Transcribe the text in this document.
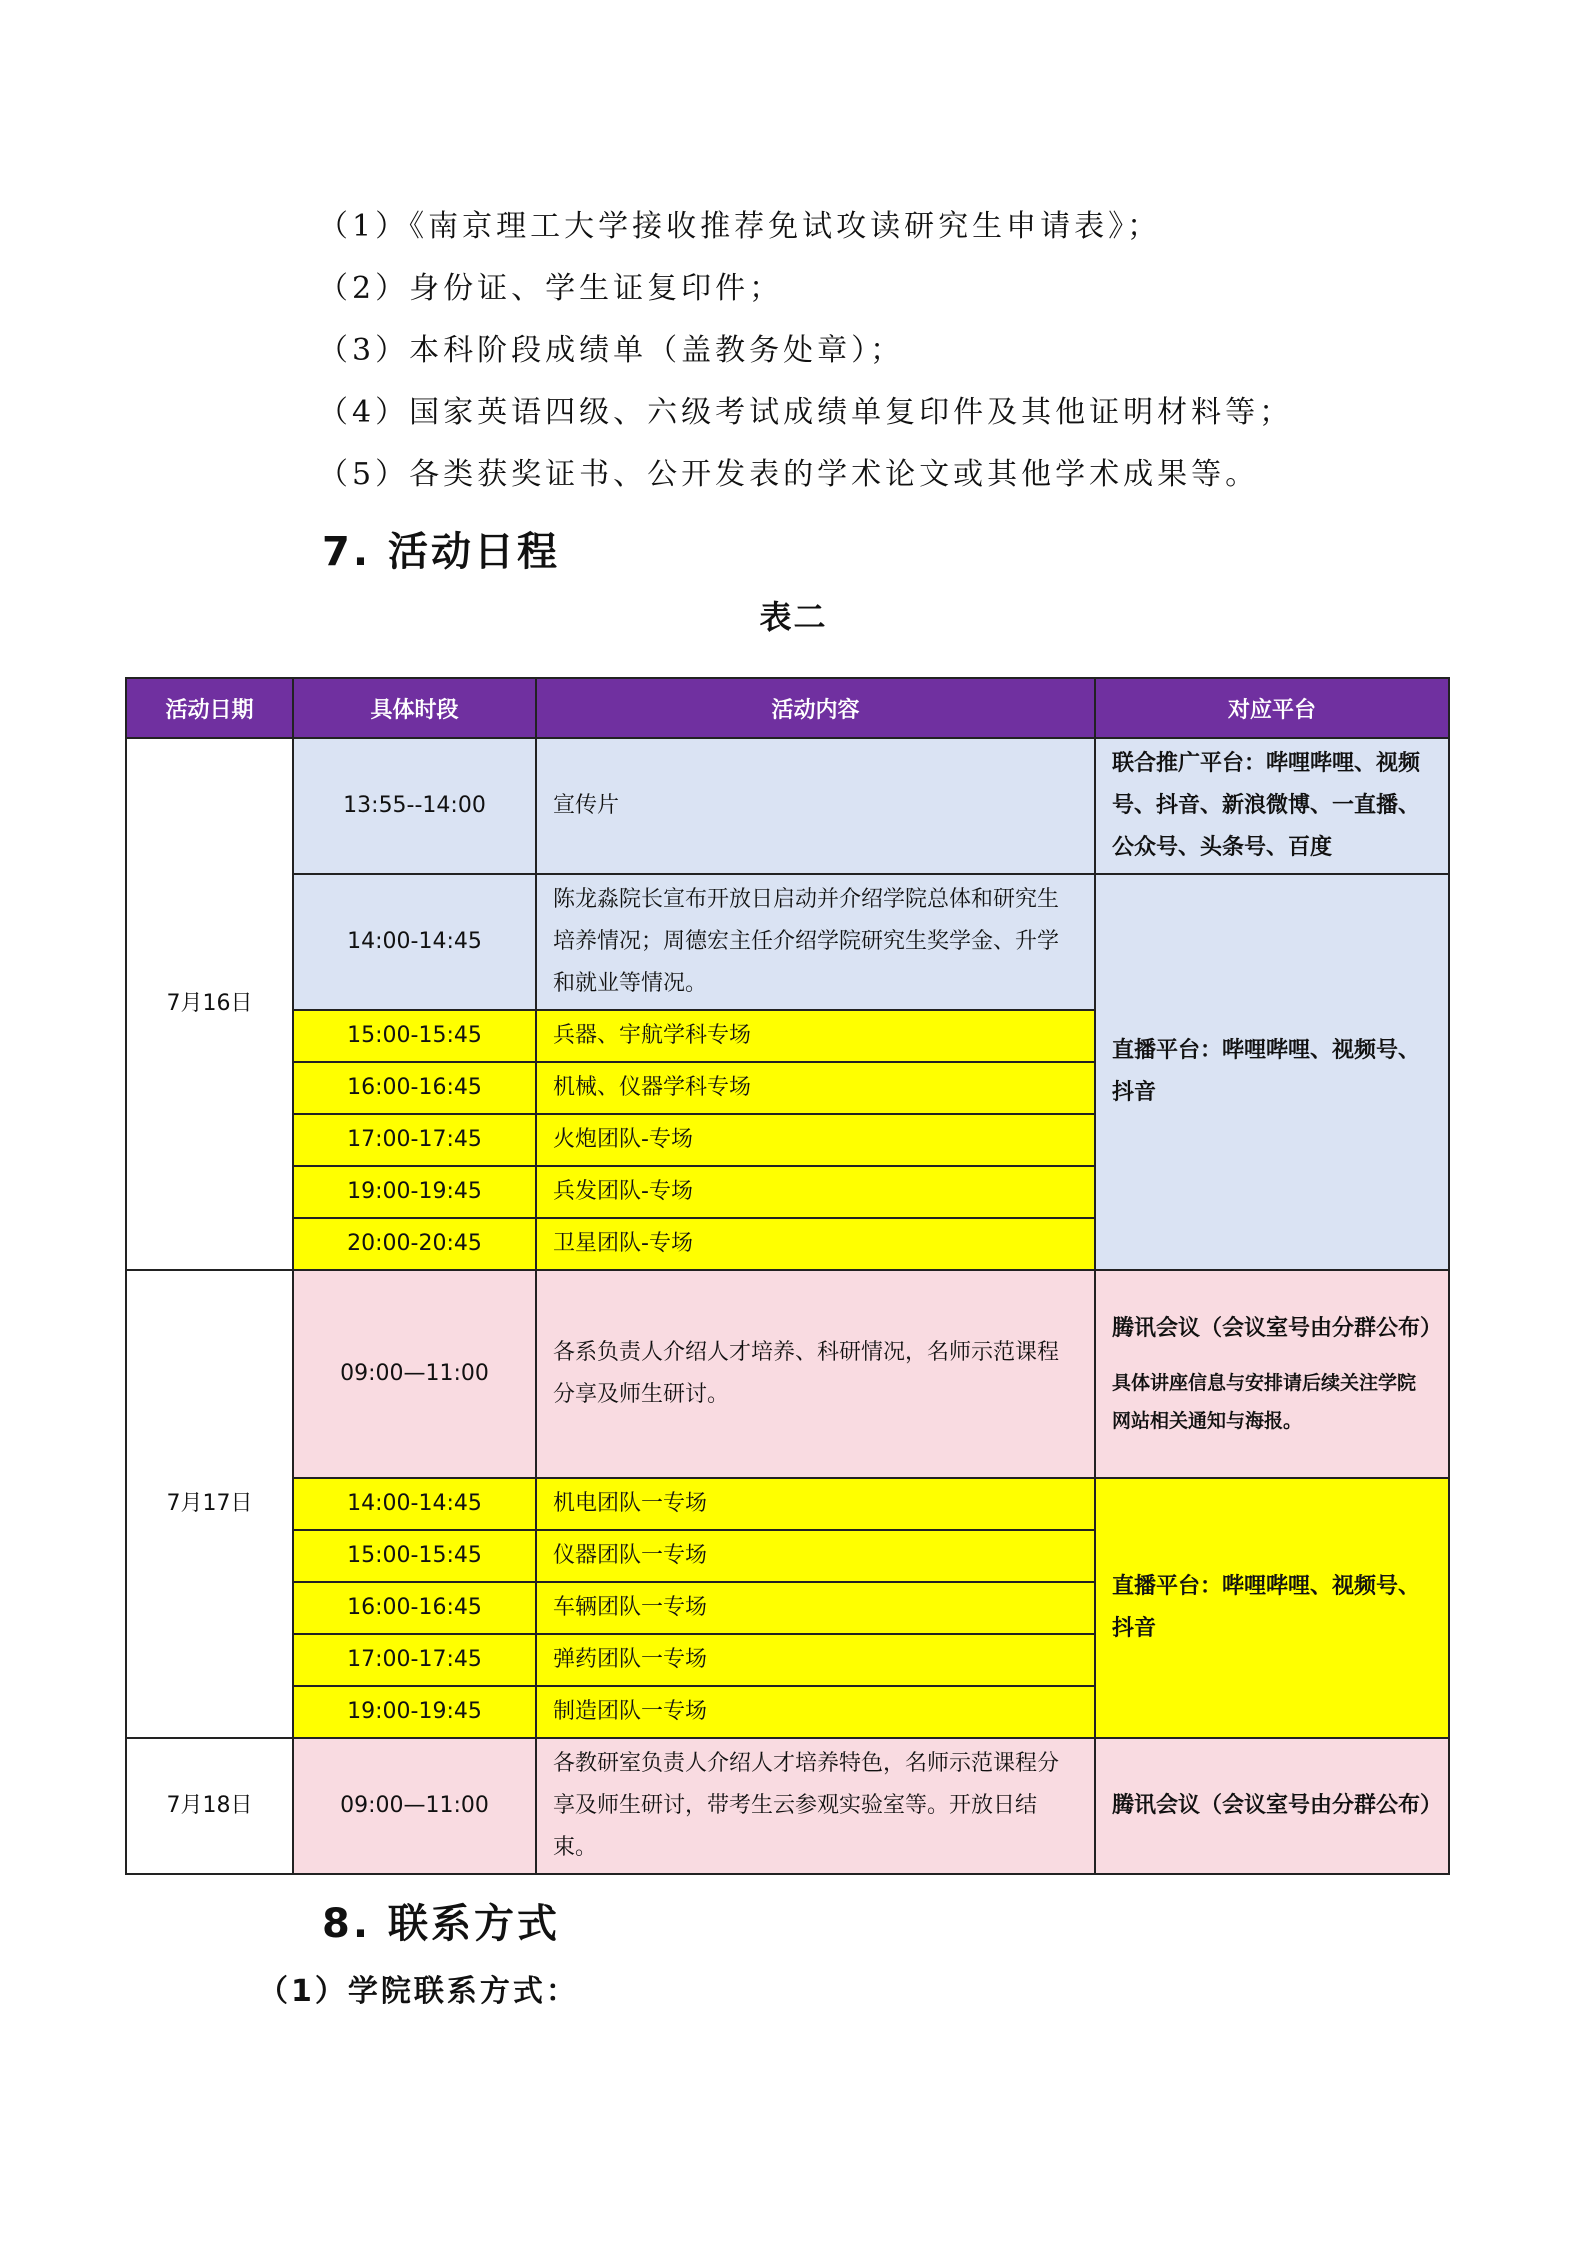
（1）《南京理工大学接收推荐免试攻读研究生申请表》；
（2）身份证、学生证复印件；
（3）本科阶段成绩单（盖教务处章）；
（4）国家英语四级、六级考试成绩单复印件及其他证明材料等；
（5）各类获奖证书、公开发表的学术论文或其他学术成果等。
7. 活动日程
表二
活动日期	具体时段	活动内容	对应平台
7月16日	13:55--14:00	宣传片	联合推广平台：哔哩哔哩、视频号、抖音、新浪微博、一直播、公众号、头条号、百度
	14:00-14:45	陈龙淼院长宣布开放日启动并介绍学院总体和研究生培养情况；周德宏主任介绍学院研究生奖学金、升学和就业等情况。	直播平台：哔哩哔哩、视频号、抖音
	15:00-15:45	兵器、宇航学科专场	
	16:00-16:45	机械、仪器学科专场	
	17:00-17:45	火炮团队-专场	
	19:00-19:45	兵发团队-专场	
	20:00-20:45	卫星团队-专场	
7月17日	09:00—11:00	各系负责人介绍人才培养、科研情况，名师示范课程分享及师生研讨。	腾讯会议（会议室号由分群公布）
具体讲座信息与安排请后续关注学院网站相关通知与海报。

	14:00-14:45	机电团队一专场	直播平台：哔哩哔哩、视频号、抖音
	15:00-15:45	仪器团队一专场	
	16:00-16:45	车辆团队一专场	
	17:00-17:45	弹药团队一专场	
	19:00-19:45	制造团队一专场	
7月18日	09:00—11:00	各教研室负责人介绍人才培养特色，名师示范课程分享及师生研讨，带考生云参观实验室等。开放日结束。	腾讯会议（会议室号由分群公布）
8. 联系方式
（1）学院联系方式：
